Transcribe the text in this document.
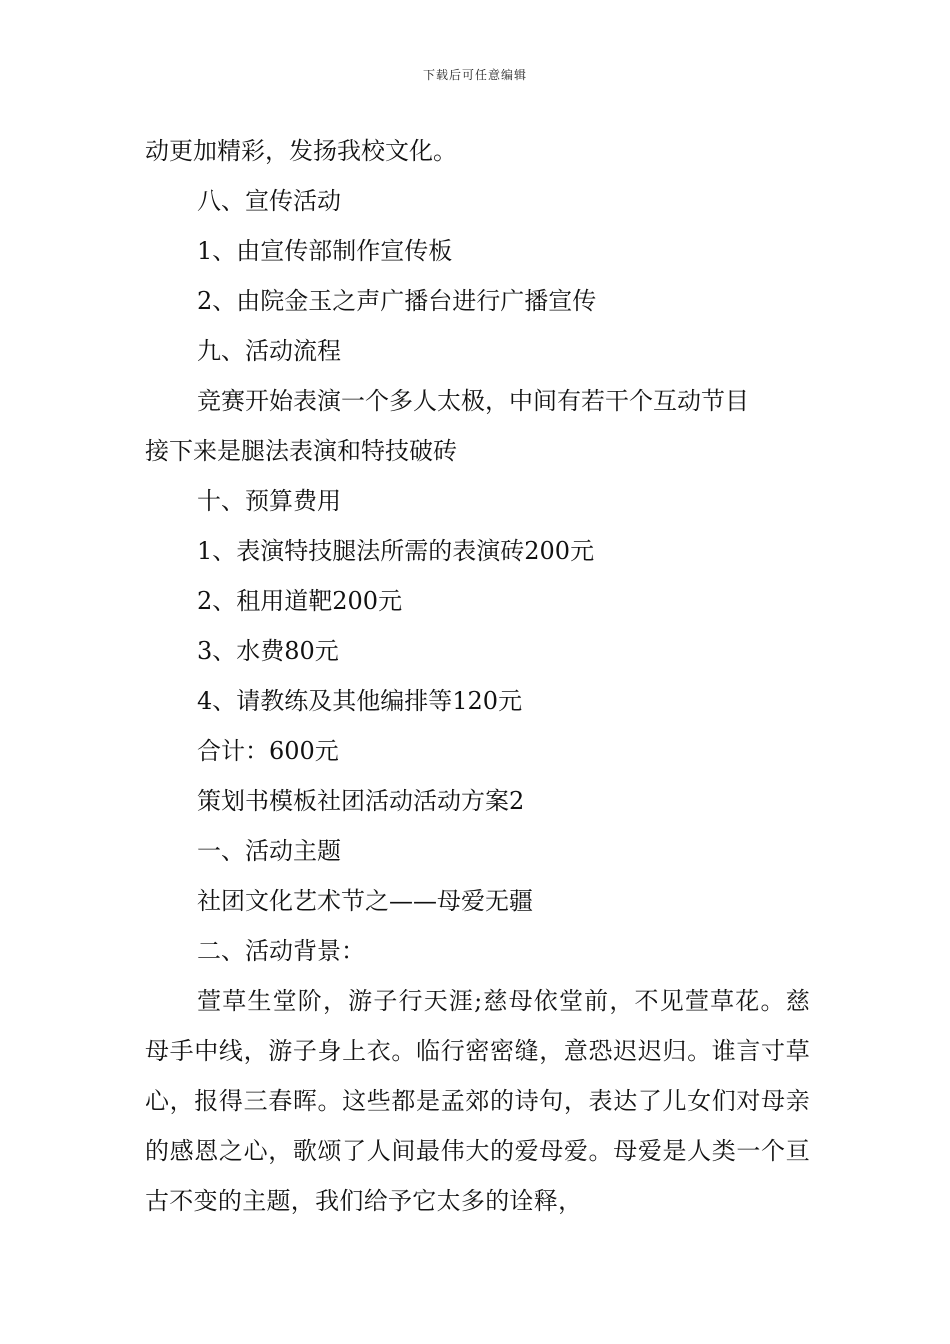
下载后可任意编辑
动更加精彩，发扬我校文化。
八、宣传活动
1、由宣传部制作宣传板
2、由院金玉之声广播台进行广播宣传
九、活动流程
竞赛开始表演一个多人太极，中间有若干个互动节目
接下来是腿法表演和特技破砖
十、预算费用
1、表演特技腿法所需的表演砖200元
2、租用道靶200元
3、水费80元
4、请教练及其他编排等120元
合计：600元
策划书模板社团活动活动方案2
一、活动主题
社团文化艺术节之——母爱无疆
二、活动背景：
萱草生堂阶，游子行天涯;慈母依堂前，不见萱草花。慈母手中线，游子身上衣。临行密密缝，意恐迟迟归。谁言寸草心，报得三春晖。这些都是孟郊的诗句，表达了儿女们对母亲的感恩之心，歌颂了人间最伟大的爱母爱。母爱是人类一个亘古不变的主题，我们给予它太多的诠释，
